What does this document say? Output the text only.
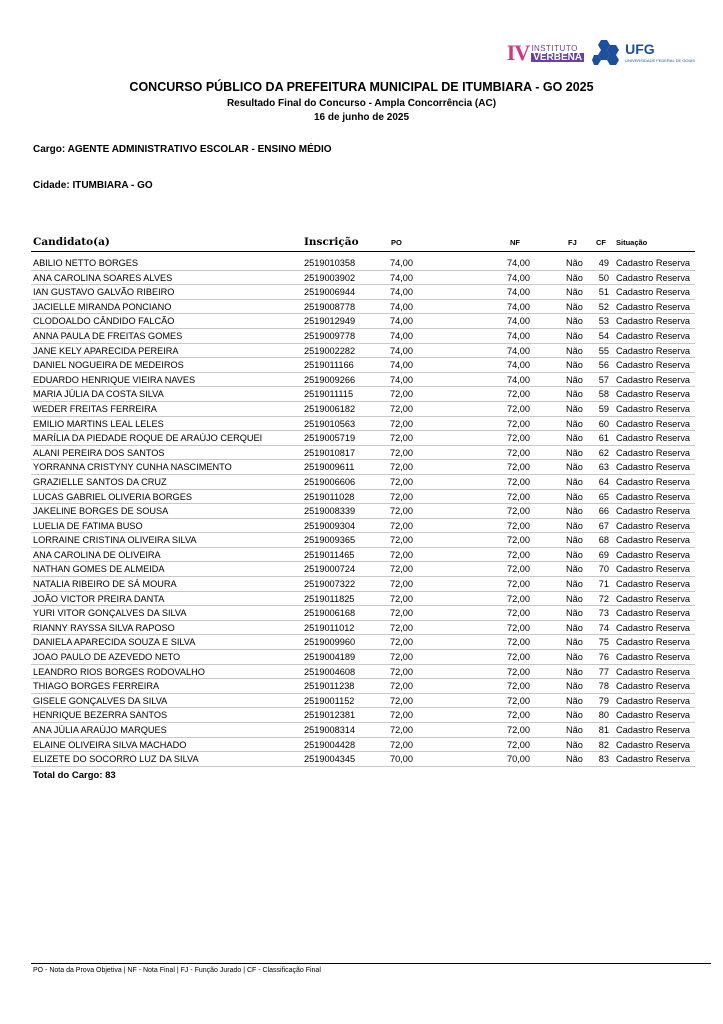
IV INSTITUTO
VERBENA
UFG
UNIVERSIDADE FEDERAL DE GOIÁS
CONCURSO PÚBLICO DA PREFEITURA MUNICIPAL DE ITUMBIARA - GO 2025
Resultado Final do Concurso - Ampla Concorrência (AC)
16 de junho de 2025
Cargo: AGENTE ADMINISTRATIVO ESCOLAR - ENSINO MÉDIO
Cidade: ITUMBIARA - GO
Candidato(a)	Inscrição	PO	NF	FJ	CF Situação
ABILIO NETTO BORGES	2519010358	74,00	74,00	Não 49 Cadastro Reserva
ANA CAROLINA SOARES ALVES	2519003902	74,00	74,00	Não 50 Cadastro Reserva
IAN GUSTAVO GALVÃO RIBEIRO	2519006944	74,00	74,00	Não 51 Cadastro Reserva
JACIELLE MIRANDA PONCIANO	2519008778	74,00	74,00	Não 52 Cadastro Reserva
CLODOALDO CÂNDIDO FALCÃO	2519012949	74,00	74,00	Não 53 Cadastro Reserva
ANNA PAULA DE FREITAS GOMES	2519009778	74,00	74,00	Não 54 Cadastro Reserva
JANE KELY APARECIDA PEREIRA	2519002282	74,00	74,00	Não 55 Cadastro Reserva
DANIEL NOGUEIRA DE MEDEIROS	2519011166	74,00	74,00	Não 56 Cadastro Reserva
EDUARDO HENRIQUE VIEIRA NAVES	2519009266	74,00	74,00	Não 57 Cadastro Reserva
MARIA JÚLIA DA COSTA SILVA	2519011115	72,00	72,00	Não 58 Cadastro Reserva
WEDER FREITAS FERREIRA	2519006182	72,00	72,00	Não 59 Cadastro Reserva
EMILIO MARTINS LEAL LELES	2519010563	72,00	72,00	Não 60 Cadastro Reserva
MARÍLIA DA PIEDADE ROQUE DE ARAÚJO CERQUEI	2519005719	72,00	72,00	Não 61 Cadastro Reserva
ALANI PEREIRA DOS SANTOS	2519010817	72,00	72,00	Não 62 Cadastro Reserva
YORRANNA CRISTYNY CUNHA NASCIMENTO	2519009611	72,00	72,00	Não 63 Cadastro Reserva
GRAZIELLE SANTOS DA CRUZ	2519006606	72,00	72,00	Não 64 Cadastro Reserva
LUCAS GABRIEL OLIVERIA BORGES	2519011028	72,00	72,00	Não 65 Cadastro Reserva
JAKELINE BORGES DE SOUSA	2519008339	72,00	72,00	Não 66 Cadastro Reserva
LUELIA DE FATIMA BUSO	2519009304	72,00	72,00	Não 67 Cadastro Reserva
LORRAINE CRISTINA OLIVEIRA SILVA	2519009365	72,00	72,00	Não 68 Cadastro Reserva
ANA CAROLINA DE OLIVEIRA	2519011465	72,00	72,00	Não 69 Cadastro Reserva
NATHAN GOMES DE ALMEIDA	2519000724	72,00	72,00	Não 70 Cadastro Reserva
NATALIA RIBEIRO DE SÁ MOURA	2519007322	72,00	72,00	Não 71 Cadastro Reserva
JOÃO VICTOR PREIRA DANTA	2519011825	72,00	72,00	Não 72 Cadastro Reserva
YURI VITOR GONÇALVES DA SILVA	2519006168	72,00	72,00	Não 73 Cadastro Reserva
RIANNY RAYSSA SILVA RAPOSO	2519011012	72,00	72,00	Não 74 Cadastro Reserva
DANIELA APARECIDA SOUZA E SILVA	2519009960	72,00	72,00	Não 75 Cadastro Reserva
JOAO PAULO DE AZEVEDO NETO	2519004189	72,00	72,00	Não 76 Cadastro Reserva
LEANDRO RIOS BORGES RODOVALHO	2519004608	72,00	72,00	Não 77 Cadastro Reserva
THIAGO BORGES FERREIRA	2519011238	72,00	72,00	Não 78 Cadastro Reserva
GISELE GONÇALVES DA SILVA	2519001152	72,00	72,00	Não 79 Cadastro Reserva
HENRIQUE BEZERRA SANTOS	2519012381	72,00	72,00	Não 80 Cadastro Reserva
ANA JÚLIA ARAÚJO MARQUES	2519008314	72,00	72,00	Não 81 Cadastro Reserva
ELAINE OLIVEIRA SILVA MACHADO	2519004428	72,00	72,00	Não 82 Cadastro Reserva
ELIZETE DO SOCORRO LUZ DA SILVA	2519004345	70,00	70,00	Não 83 Cadastro Reserva
Total do Cargo: 83
PO - Nota da Prova Objetiva | NF - Nota Final | FJ - Função Jurado | CF - Classificação Final
